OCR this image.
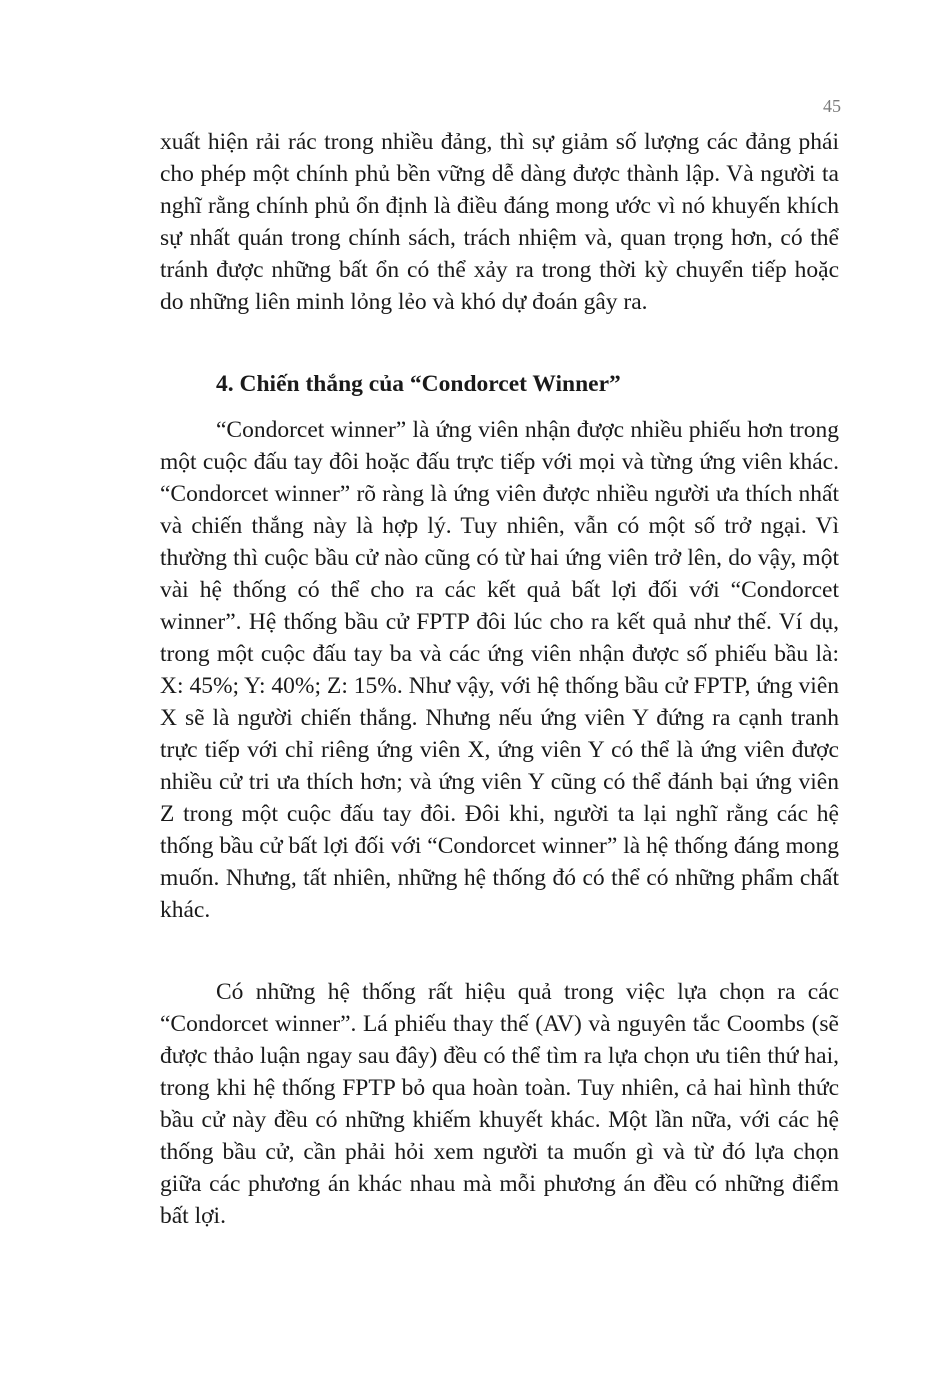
45

xuất hiện rải rác trong nhiều đảng, thì sự giảm số lượng các đảng phái cho phép một chính phủ bền vững dễ dàng được thành lập. Và người ta nghĩ rằng chính phủ ổn định là điều đáng mong ước vì nó khuyến khích sự nhất quán trong chính sách, trách nhiệm và, quan trọng hơn, có thể tránh được những bất ổn có thể xảy ra trong thời kỳ chuyển tiếp hoặc do những liên minh lỏng lẻo và khó dự đoán gây ra.

4. Chiến thắng của “Condorcet Winner”

“Condorcet winner” là ứng viên nhận được nhiều phiếu hơn trong một cuộc đấu tay đôi hoặc đấu trực tiếp với mọi và từng ứng viên khác. “Condorcet winner” rõ ràng là ứng viên được nhiều người ưa thích nhất và chiến thắng này là hợp lý. Tuy nhiên, vẫn có một số trở ngại. Vì thường thì cuộc bầu cử nào cũng có từ hai ứng viên trở lên, do vậy, một vài hệ thống có thể cho ra các kết quả bất lợi đối với “Condorcet winner”. Hệ thống bầu cử FPTP đôi lúc cho ra kết quả như thế. Ví dụ, trong một cuộc đấu tay ba và các ứng viên nhận được số phiếu bầu là: X: 45%; Y: 40%; Z: 15%. Như vậy, với hệ thống bầu cử FPTP, ứng viên X sẽ là người chiến thắng. Nhưng nếu ứng viên Y đứng ra cạnh tranh trực tiếp với chỉ riêng ứng viên X, ứng viên Y có thể là ứng viên được nhiều cử tri ưa thích hơn; và ứng viên Y cũng có thể đánh bại ứng viên Z trong một cuộc đấu tay đôi. Đôi khi, người ta lại nghĩ rằng các hệ thống bầu cử bất lợi đối với “Condorcet winner” là hệ thống đáng mong muốn. Nhưng, tất nhiên, những hệ thống đó có thể có những phẩm chất khác.

Có những hệ thống rất hiệu quả trong việc lựa chọn ra các “Condorcet winner”. Lá phiếu thay thế (AV) và nguyên tắc Coombs (sẽ được thảo luận ngay sau đây) đều có thể tìm ra lựa chọn ưu tiên thứ hai, trong khi hệ thống FPTP bỏ qua hoàn toàn. Tuy nhiên, cả hai hình thức bầu cử này đều có những khiếm khuyết khác. Một lần nữa, với các hệ thống bầu cử, cần phải hỏi xem người ta muốn gì và từ đó lựa chọn giữa các phương án khác nhau mà mỗi phương án đều có những điểm bất lợi.
